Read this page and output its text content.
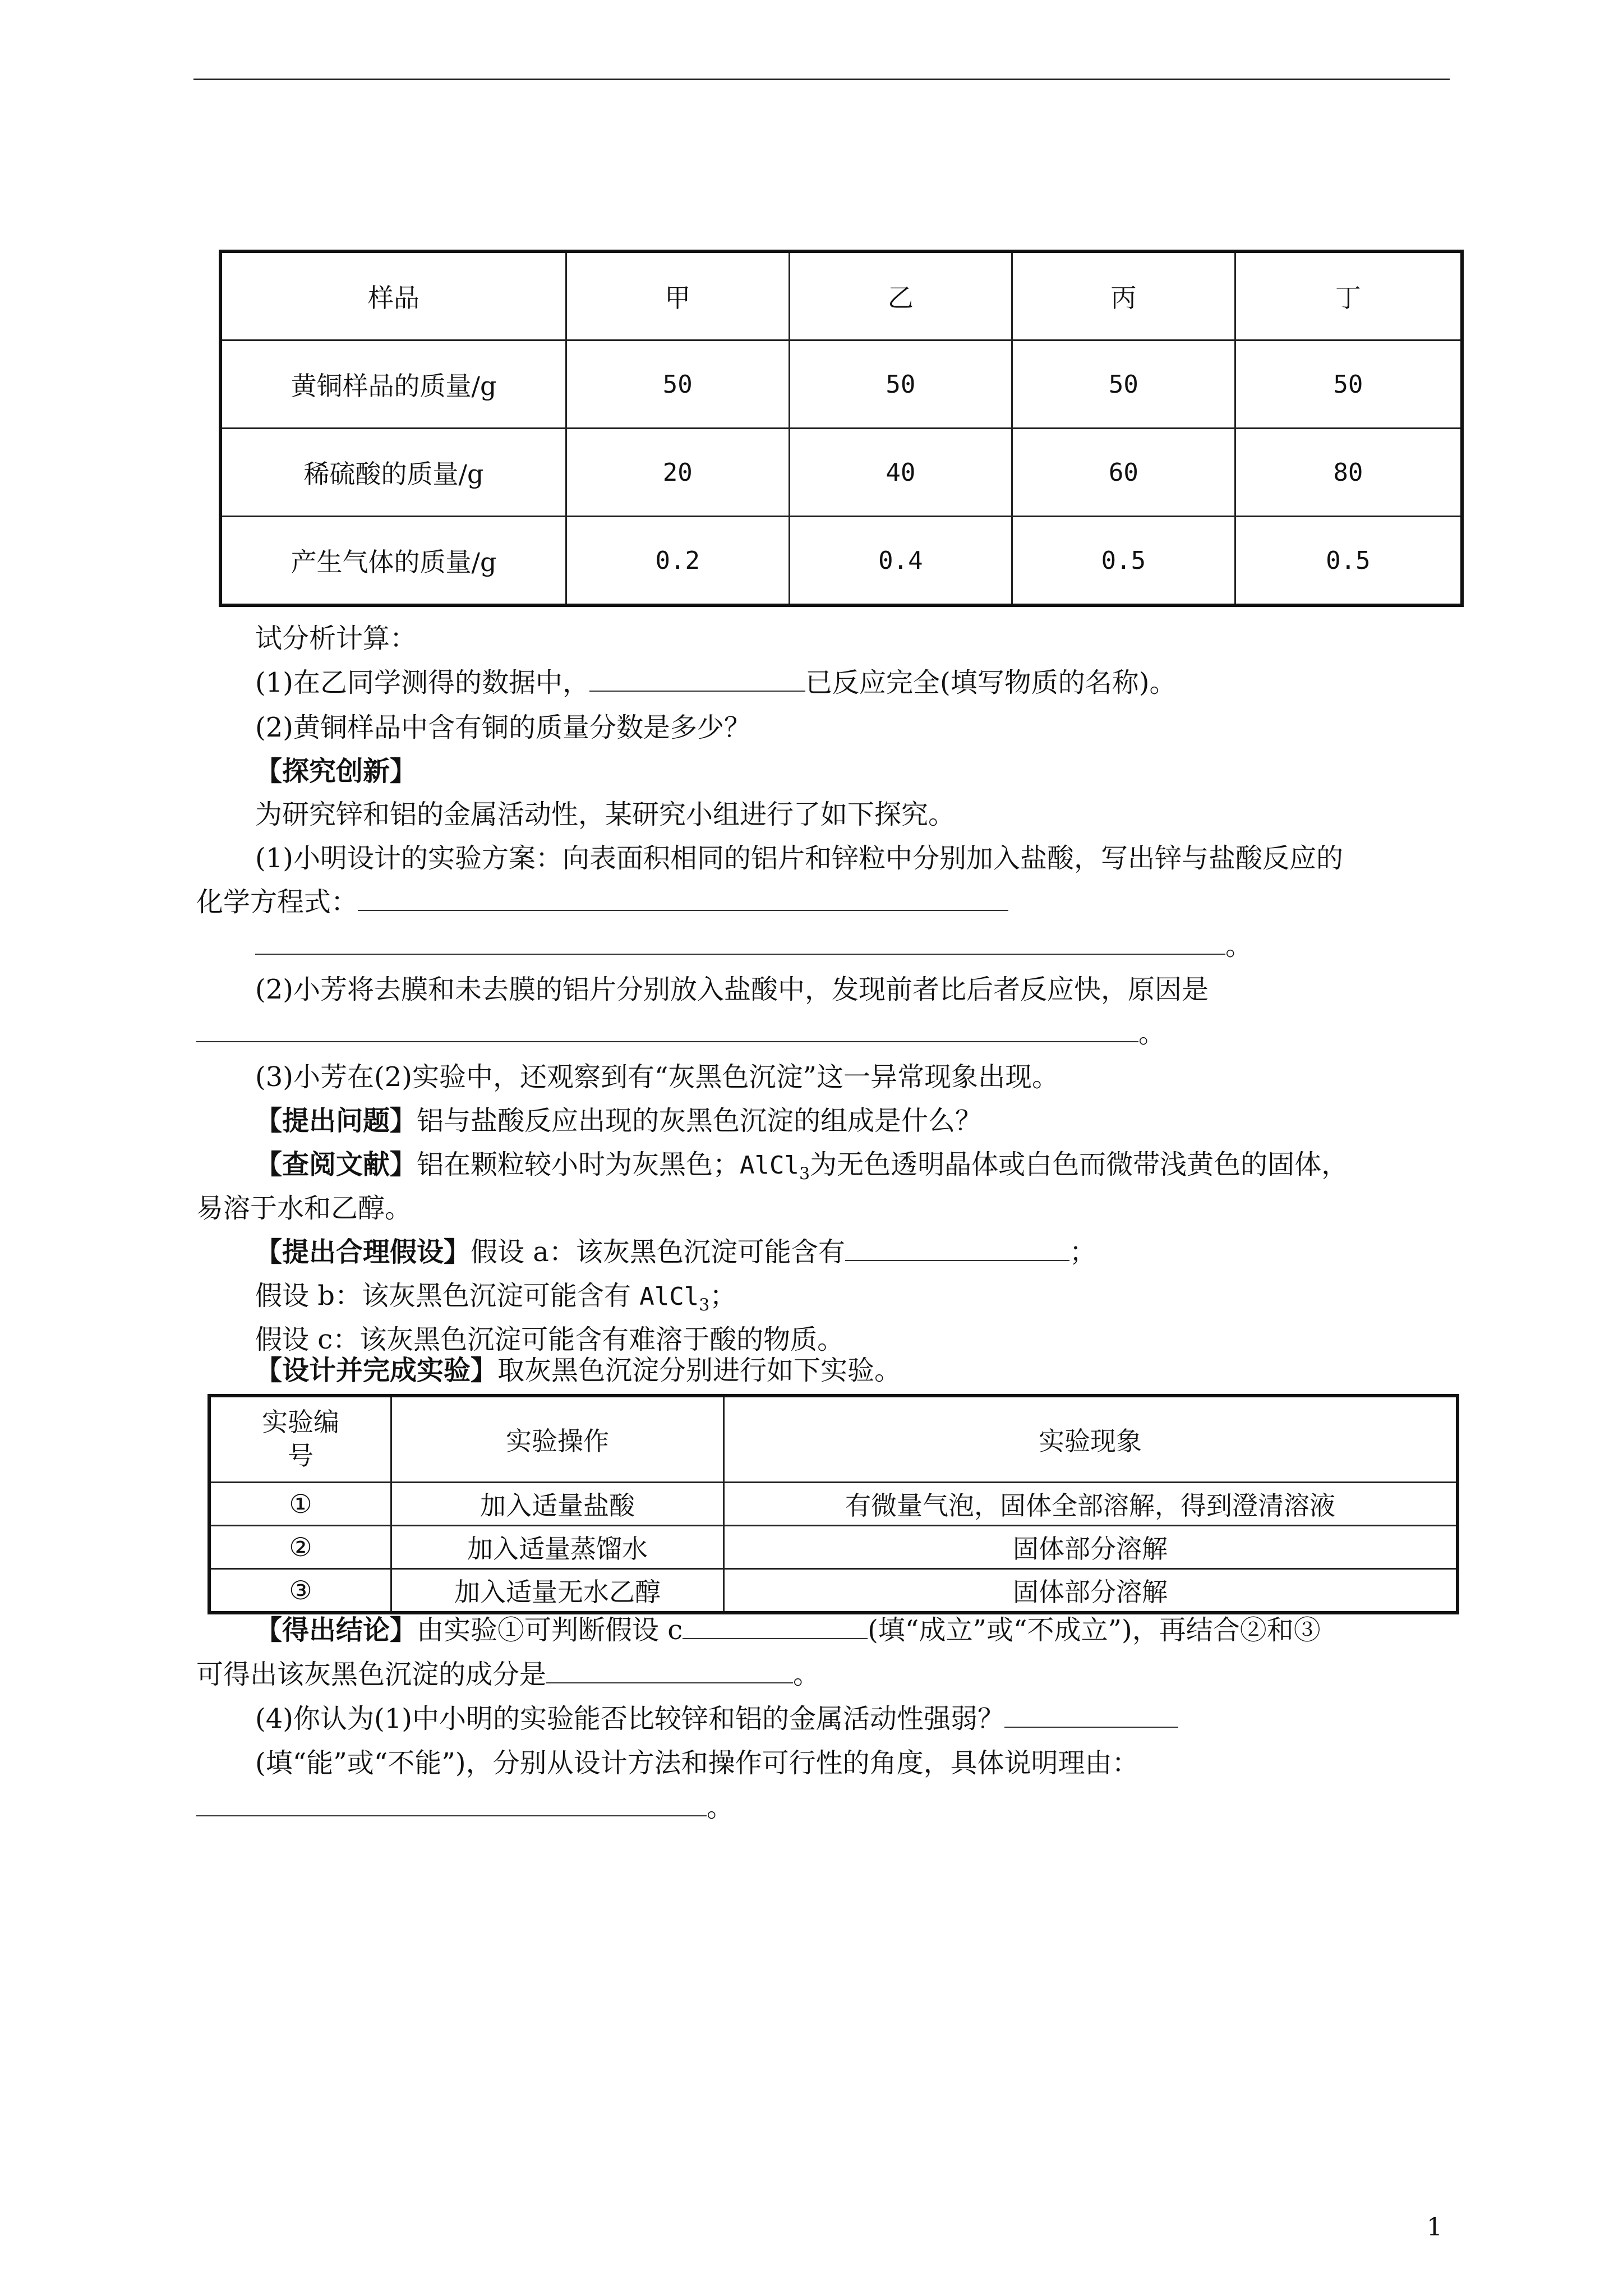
样品	甲	乙	丙	丁
黄铜样品的质量/g	50	50	50	50
稀硫酸的质量/g	20	40	60	80
产生气体的质量/g	0.2	0.4	0.5	0.5
试分析计算：
(1)在乙同学测得的数据中，	已反应完全(填写物质的名称)。
(2)黄铜样品中含有铜的质量分数是多少？
【探究创新】
为研究锌和铝的金属活动性，某研究小组进行了如下探究。
(1)小明设计的实验方案：向表面积相同的铝片和锌粒中分别加入盐酸，写出锌与盐酸反应的
化学方程式：
。
(2)小芳将去膜和未去膜的铝片分别放入盐酸中，发现前者比后者反应快，原因是
。
(3)小芳在(2)实验中，还观察到有“灰黑色沉淀”这一异常现象出现。
【提出问题】铝与盐酸反应出现的灰黑色沉淀的组成是什么？
【查阅文献】铝在颗粒较小时为灰黑色；AlCl$_3$为无色透明晶体或白色而微带浅黄色的固体，
易溶于水和乙醇。
【提出合理假设】假设 a：该灰黑色沉淀可能含有	；
假设 b：该灰黑色沉淀可能含有 AlCl$_3$；
假设 c：该灰黑色沉淀可能含有难溶于酸的物质。
【设计并完成实验】取灰黑色沉淀分别进行如下实验。
实验编
号	实验操作	实验现象
①	加入适量盐酸	有微量气泡，固体全部溶解，得到澄清溶液
②	加入适量蒸馏水	固体部分溶解
③	加入适量无水乙醇	固体部分溶解
【得出结论】由实验①可判断假设 c	(填“成立”或“不成立”)，再结合②和③
可得出该灰黑色沉淀的成分是	。
(4)你认为(1)中小明的实验能否比较锌和铝的金属活动性强弱？
(填“能”或“不能”)，分别从设计方法和操作可行性的角度，具体说明理由：
。
1
